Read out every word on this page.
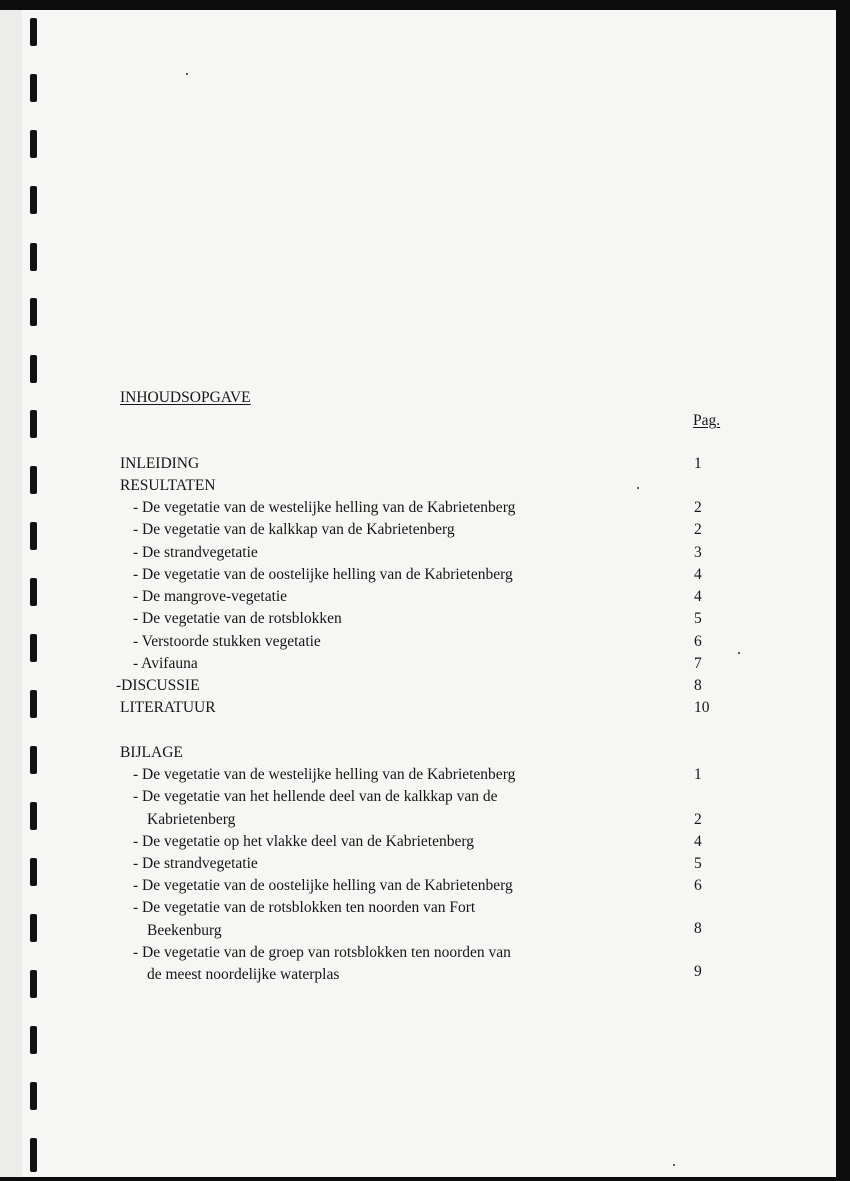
INHOUDSOPGAVE
Pag.
INLEIDING	1
RESULTATEN
- De vegetatie van de westelijke helling van de Kabrietenberg	2
- De vegetatie van de kalkkap van de Kabrietenberg	2
- De strandvegetatie	3
- De vegetatie van de oostelijke helling van de Kabrietenberg	4
- De mangrove-vegetatie	4
- De vegetatie van de rotsblokken	5
- Verstoorde stukken vegetatie	6
- Avifauna	7
-DISCUSSIE	8
LITERATUUR	10
BIJLAGE
- De vegetatie van de westelijke helling van de Kabrietenberg	1
- De vegetatie van het hellende deel van de kalkkap van de
Kabrietenberg	2
- De vegetatie op het vlakke deel van de Kabrietenberg	4
- De strandvegetatie	5
- De vegetatie van de oostelijke helling van de Kabrietenberg	6
- De vegetatie van de rotsblokken ten noorden van Fort
Beekenburg	8
- De vegetatie van de groep van rotsblokken ten noorden van
de meest noordelijke waterplas	9
